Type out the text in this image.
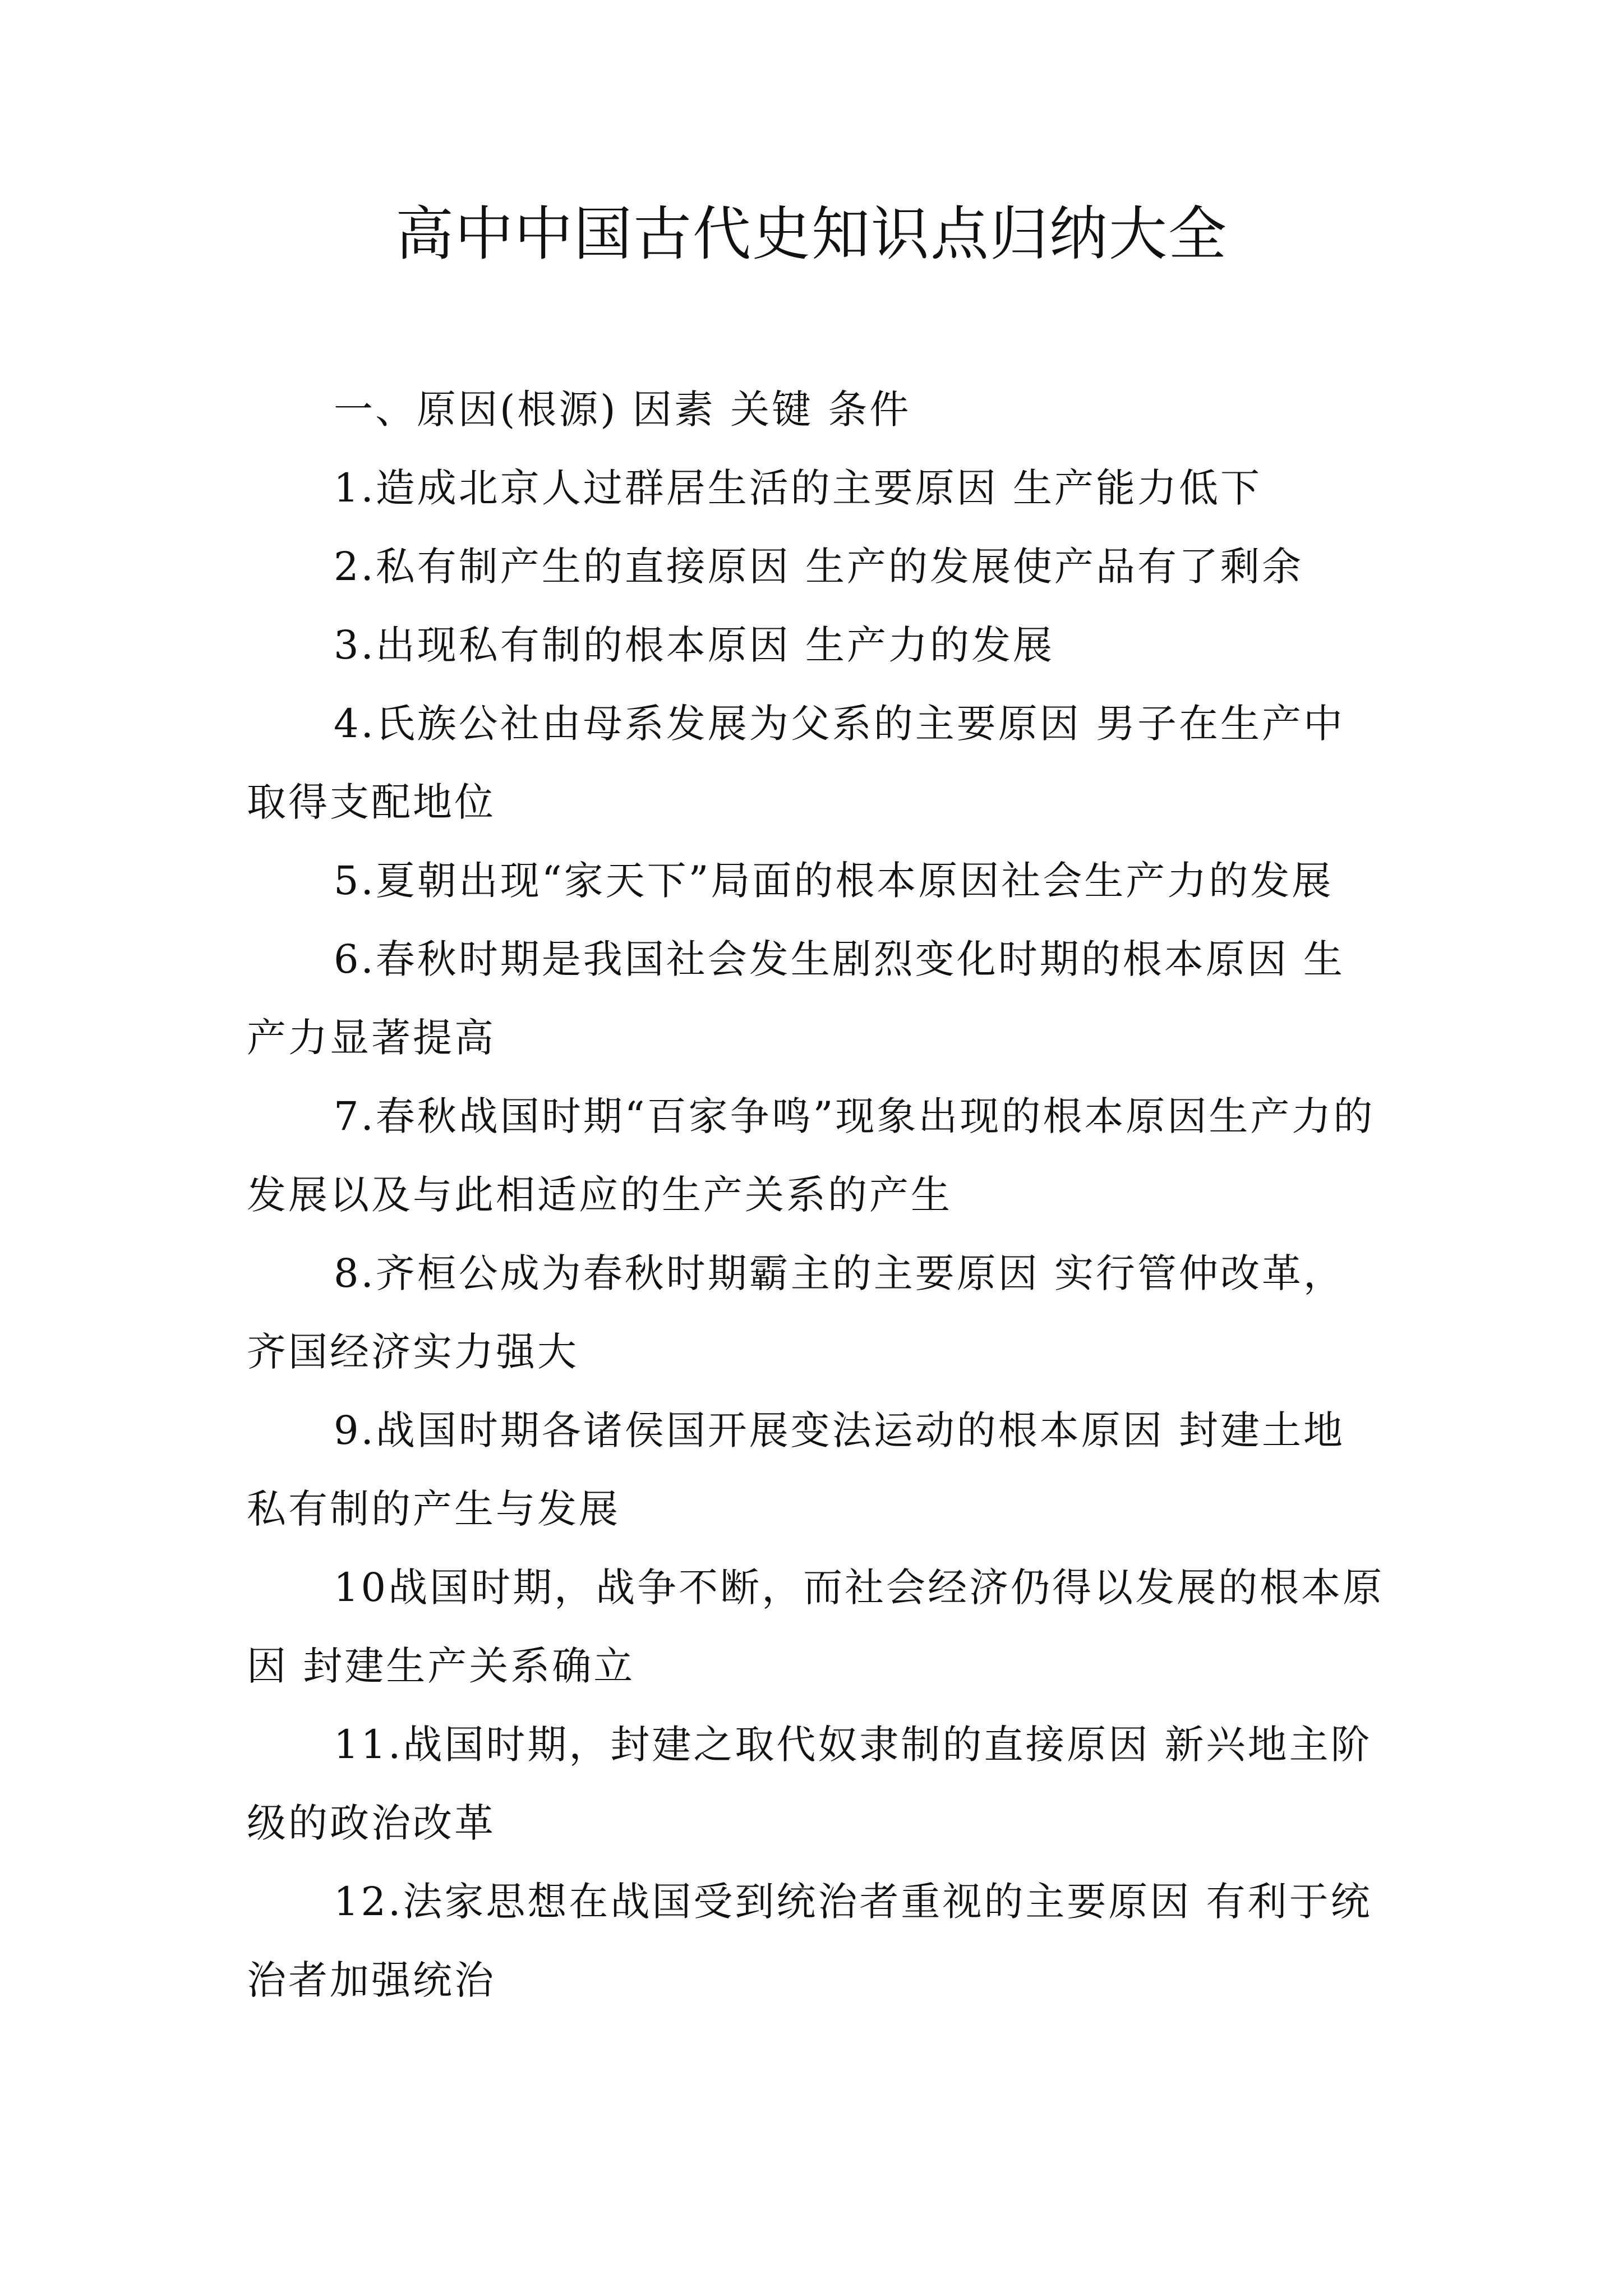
高中中国古代史知识点归纳大全

一、原因(根源) 因素 关键 条件

1.造成北京人过群居生活的主要原因 生产能力低下

2.私有制产生的直接原因 生产的发展使产品有了剩余

3.出现私有制的根本原因 生产力的发展

4.氏族公社由母系发展为父系的主要原因 男子在生产中取得支配地位

5.夏朝出现“家天下”局面的根本原因社会生产力的发展

6.春秋时期是我国社会发生剧烈变化时期的根本原因 生产力显著提高

7.春秋战国时期“百家争鸣”现象出现的根本原因生产力的发展以及与此相适应的生产关系的产生

8.齐桓公成为春秋时期霸主的主要原因 实行管仲改革，齐国经济实力强大

9.战国时期各诸侯国开展变法运动的根本原因 封建土地私有制的产生与发展

10战国时期，战争不断，而社会经济仍得以发展的根本原因 封建生产关系确立

11.战国时期，封建之取代奴隶制的直接原因 新兴地主阶级的政治改革

12.法家思想在战国受到统治者重视的主要原因 有利于统治者加强统治
